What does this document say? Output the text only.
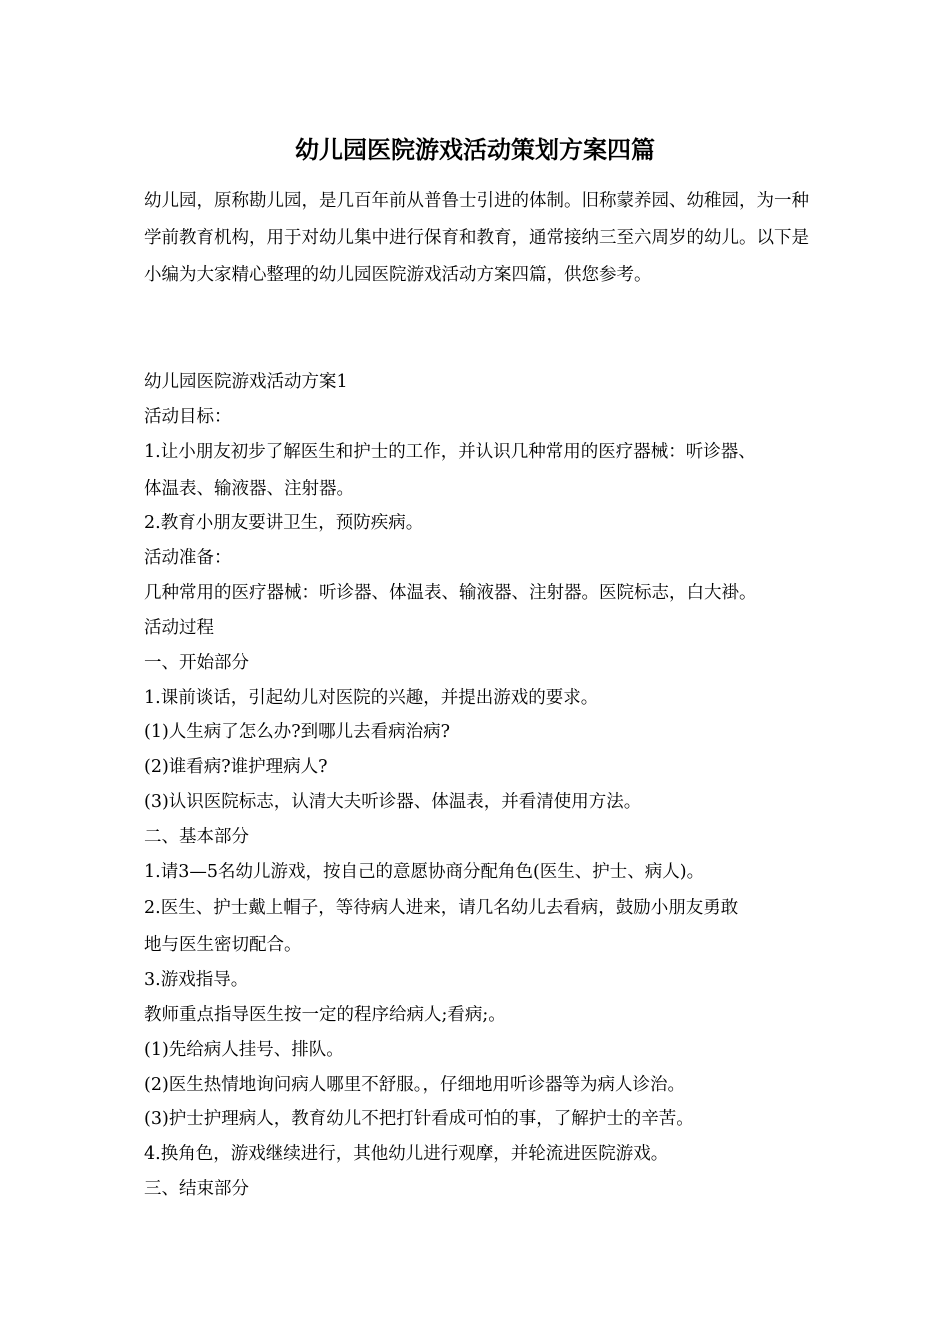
幼儿园医院游戏活动策划方案四篇

幼儿园，原称勘儿园，是几百年前从普鲁士引进的体制。旧称蒙养园、幼稚园，为一种学前教育机构，用于对幼儿集中进行保育和教育，通常接纳三至六周岁的幼儿。以下是小编为大家精心整理的幼儿园医院游戏活动方案四篇，供您参考。

幼儿园医院游戏活动方案1

活动目标：

1.让小朋友初步了解医生和护士的工作，并认识几种常用的医疗器械：听诊器、

体温表、输液器、注射器。

2.教育小朋友要讲卫生，预防疾病。

活动准备：

几种常用的医疗器械：听诊器、体温表、输液器、注射器。医院标志，白大褂。

活动过程

一、开始部分

1.课前谈话，引起幼儿对医院的兴趣，并提出游戏的要求。

(1)人生病了怎么办?到哪儿去看病治病?

(2)谁看病?谁护理病人?

(3)认识医院标志，认清大夫听诊器、体温表，并看清使用方法。

二、基本部分

1.请3—5名幼儿游戏，按自己的意愿协商分配角色(医生、护士、病人)。

2.医生、护士戴上帽子，等待病人进来，请几名幼儿去看病，鼓励小朋友勇敢

地与医生密切配合。

3.游戏指导。

教师重点指导医生按一定的程序给病人;看病;。

(1)先给病人挂号、排队。

(2)医生热情地询问病人哪里不舒服。，仔细地用听诊器等为病人诊治。

(3)护士护理病人，教育幼儿不把打针看成可怕的事，了解护士的辛苦。

4.换角色，游戏继续进行，其他幼儿进行观摩，并轮流进医院游戏。

三、结束部分
